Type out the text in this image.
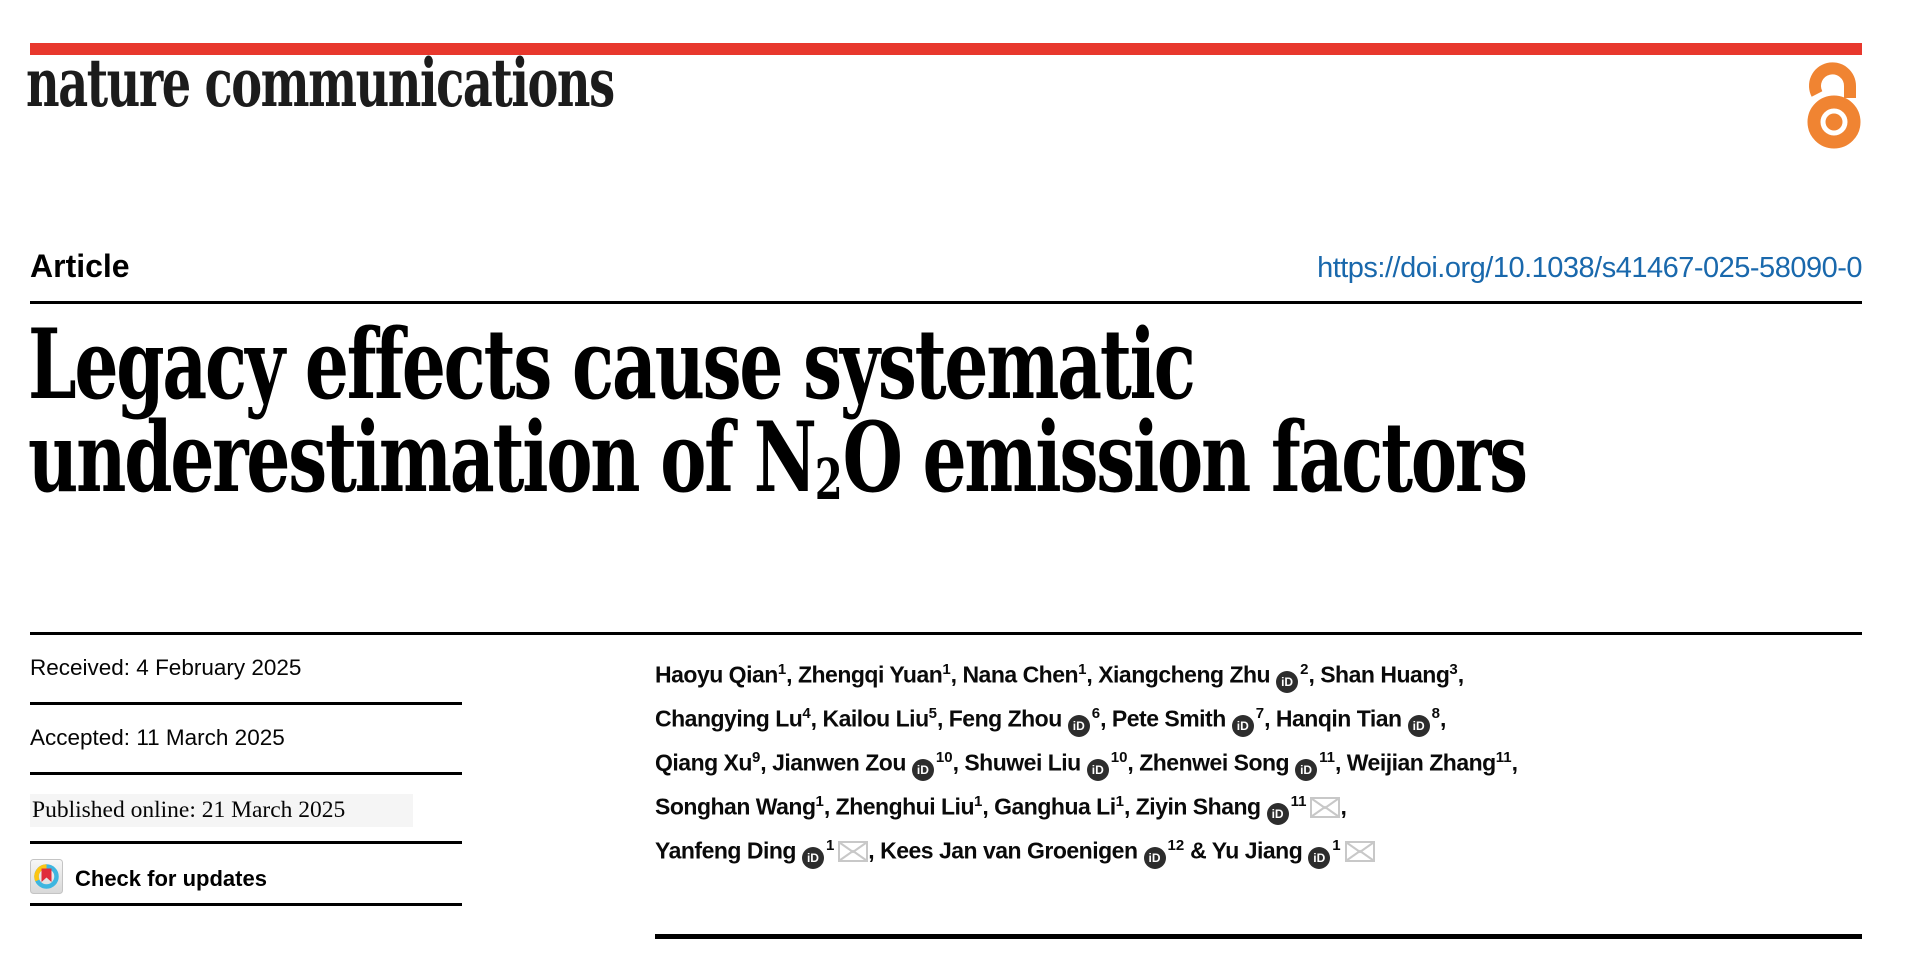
nature communications
Article	https://doi.org/10.1038/s41467-025-58090-0
Legacy effects cause systematic
underestimation of N2O emission factors
Received: 4 February 2025
Accepted: 11 March 2025
Published online: 21 March 2025
Check for updates
Haoyu Qian$^1$, Zhengqi Yuan$^1$, Nana Chen$^1$, Xiangcheng Zhu $iD^2$, Shan Huang$^3$,
Changying Lu$^4$, Kailou Liu$^5$, Feng Zhou $iD^6$, Pete Smith $iD^7$, Hanqin Tian $iD^8$,
Qiang Xu$^9$, Jianwen Zou $iD^{10}$, Shuwei Liu $iD^{10}$, Zhenwei Song $iD^{11}$, Weijian Zhang$^{11}$,
Songhan Wang$^1$, Zhenghui Liu$^1$, Ganghua Li$^1$, Ziyin Shang $iD^{11}$ ,
Yanfeng Ding $iD^1$ , Kees Jan van Groenigen $iD^{12}$ & Yu Jiang $iD^1$
